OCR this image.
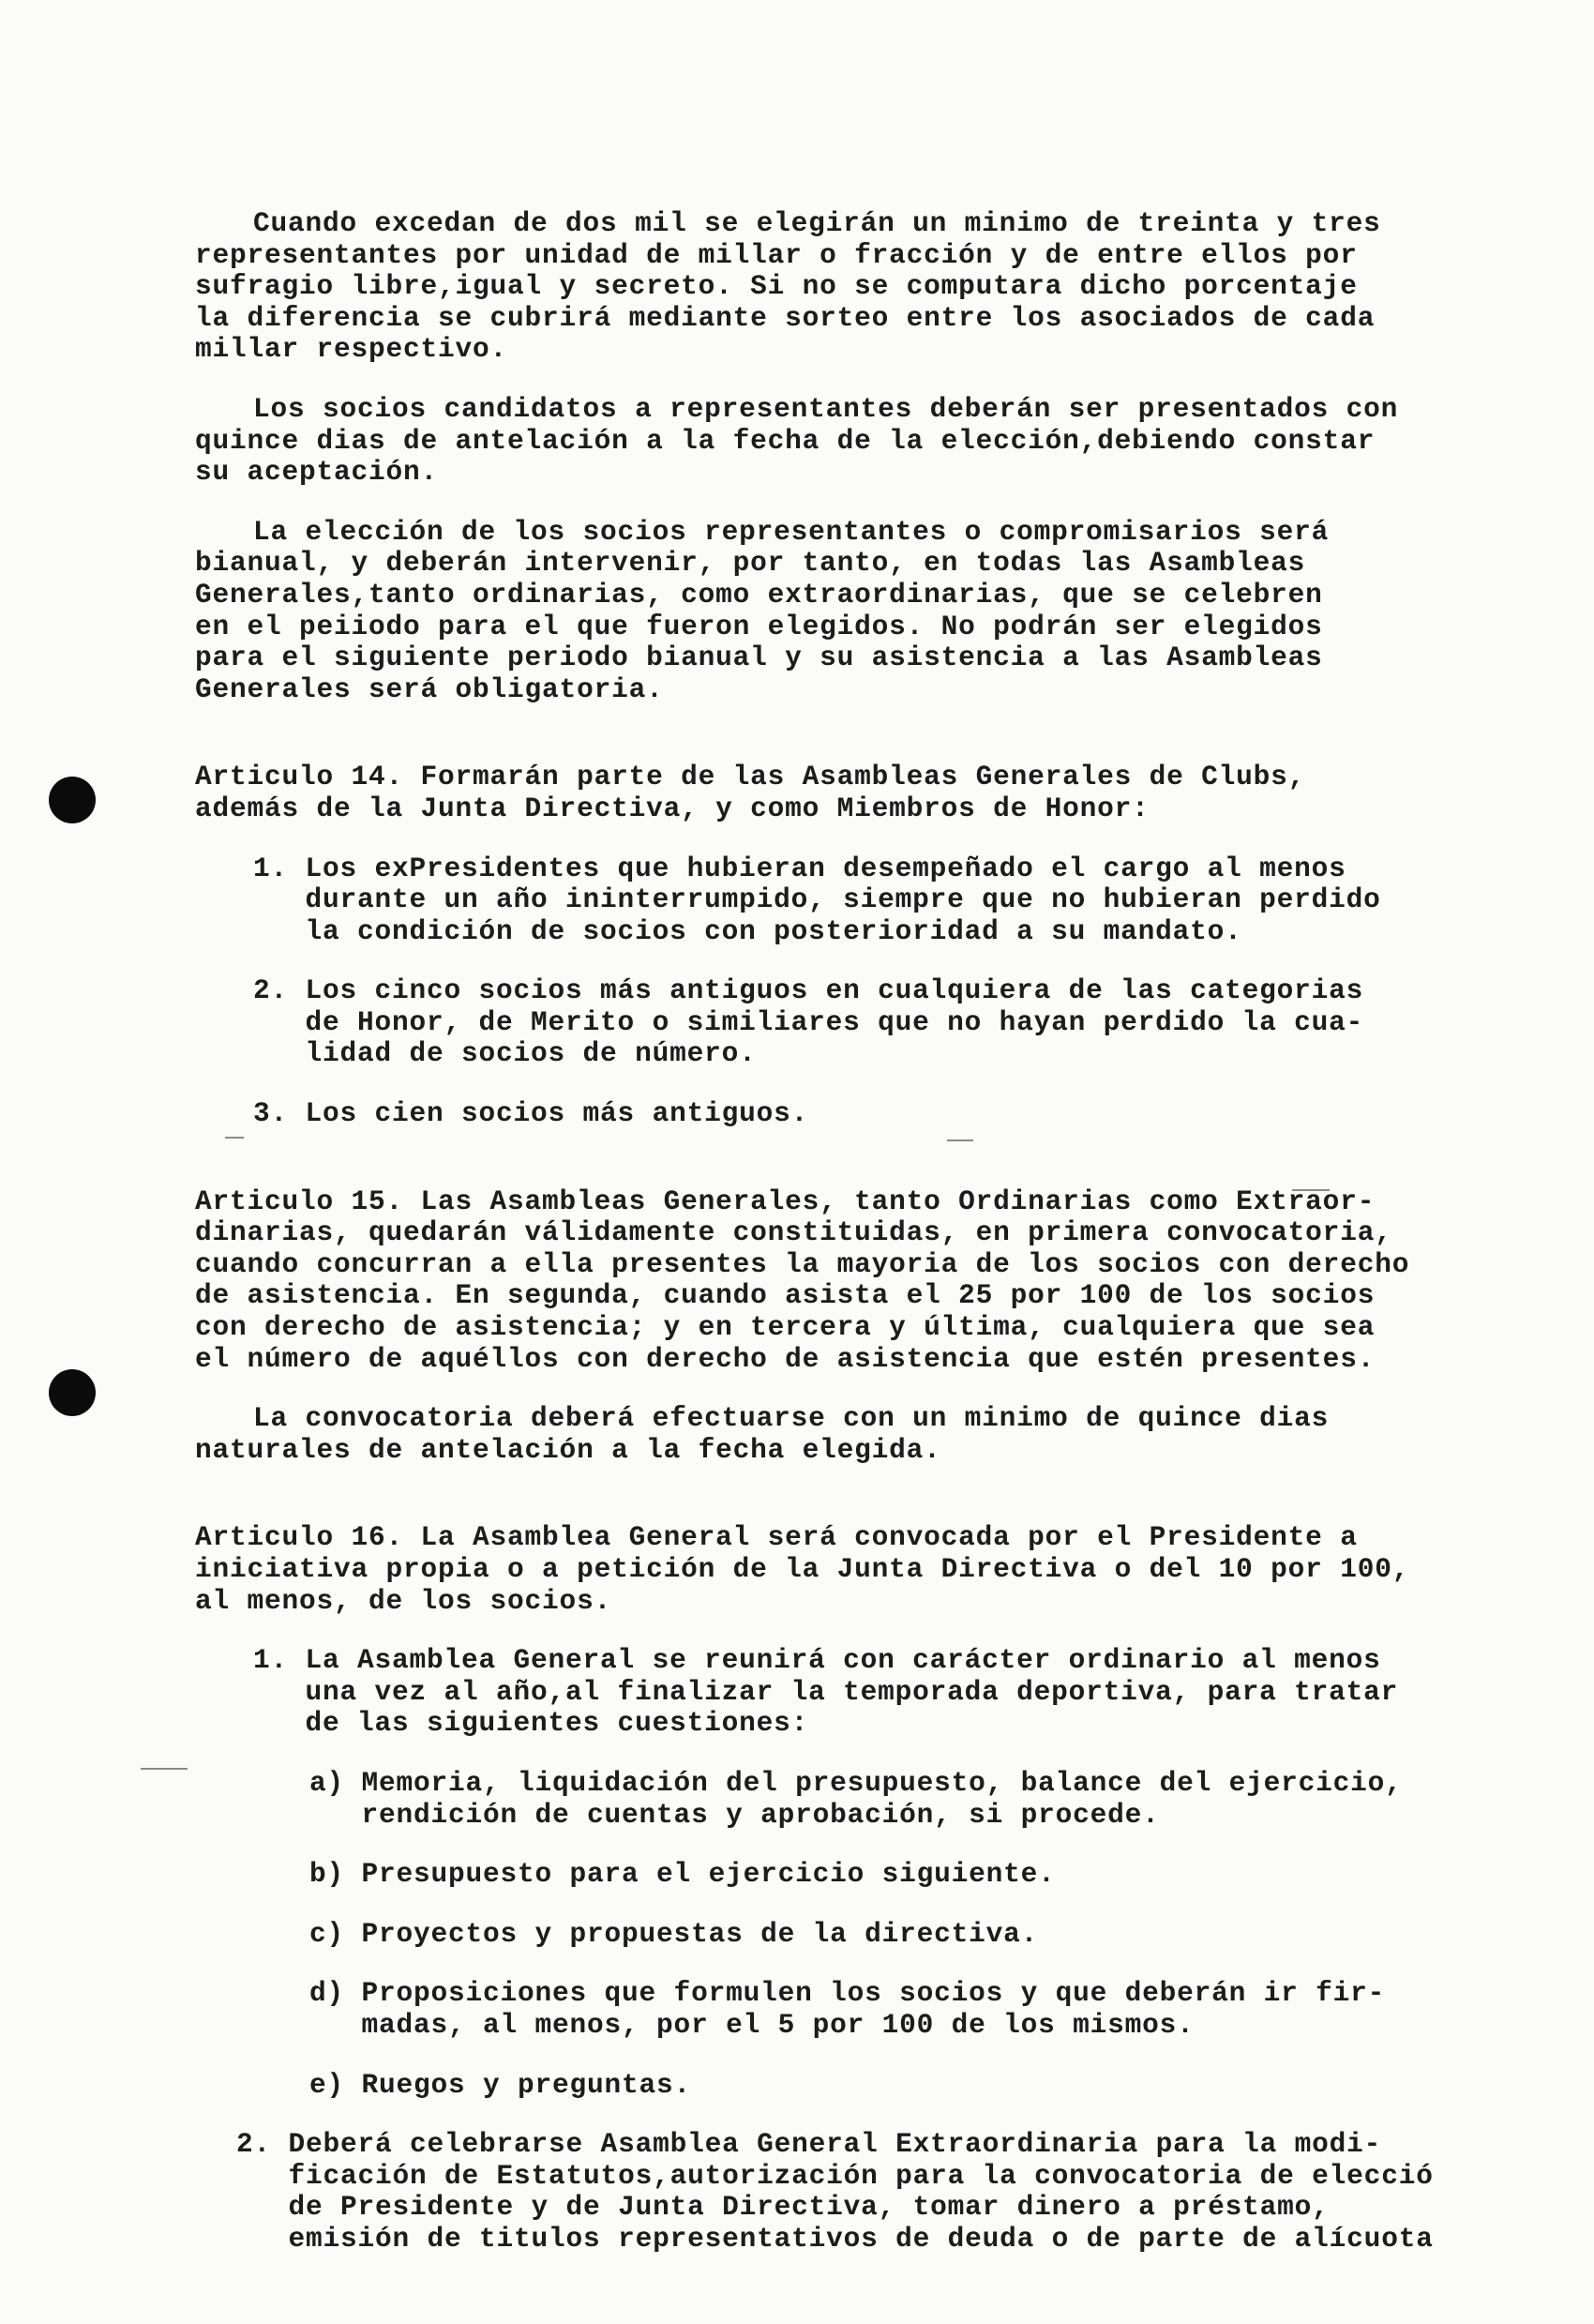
Cuando excedan de dos mil se elegirán un minimo de treinta y tres

representantes por unidad de millar o fracción y de entre ellos por

sufragio libre,igual y secreto. Si no se computara dicho porcentaje

la diferencia se cubrirá mediante sorteo entre los asociados de cada

millar respectivo.

Los socios candidatos a representantes deberán ser presentados con

quince dias de antelación a la fecha de la elección,debiendo constar

su aceptación.

La elección de los socios representantes o compromisarios será

bianual, y deberán intervenir, por tanto, en todas las Asambleas

Generales,tanto ordinarias, como extraordinarias, que se celebren

en el peiiodo para el que fueron elegidos. No podrán ser elegidos

para el siguiente periodo bianual y su asistencia a las Asambleas

Generales será obligatoria.

Articulo 14. Formarán parte de las Asambleas Generales de Clubs,

además de la Junta Directiva, y como Miembros de Honor:

1. Los exPresidentes que hubieran desempeñado el cargo al menos

durante un año ininterrumpido, siempre que no hubieran perdido

la condición de socios con posterioridad a su mandato.

2. Los cinco socios más antiguos en cualquiera de las categorias

de Honor, de Merito o similiares que no hayan perdido la cua-

lidad de socios de número.

3. Los cien socios más antiguos.

Articulo 15. Las Asambleas Generales, tanto Ordinarias como Extraor-

dinarias, quedarán válidamente constituidas, en primera convocatoria,

cuando concurran a ella presentes la mayoria de los socios con derecho

de asistencia. En segunda, cuando asista el 25 por 100 de los socios

con derecho de asistencia; y en tercera y última, cualquiera que sea

el número de aquéllos con derecho de asistencia que estén presentes.

La convocatoria deberá efectuarse con un minimo de quince dias

naturales de antelación a la fecha elegida.

Articulo 16. La Asamblea General será convocada por el Presidente a

iniciativa propia o a petición de la Junta Directiva o del 10 por 100,

al menos, de los socios.

1. La Asamblea General se reunirá con carácter ordinario al menos

una vez al año,al finalizar la temporada deportiva, para tratar

de las siguientes cuestiones:

a) Memoria, liquidación del presupuesto, balance del ejercicio,

rendición de cuentas y aprobación, si procede.

b) Presupuesto para el ejercicio siguiente.

c) Proyectos y propuestas de la directiva.

d) Proposiciones que formulen los socios y que deberán ir fir-

madas, al menos, por el 5 por 100 de los mismos.

e) Ruegos y preguntas.

2. Deberá celebrarse Asamblea General Extraordinaria para la modi-

ficación de Estatutos,autorización para la convocatoria de elecció

de Presidente y de Junta Directiva, tomar dinero a préstamo,

emisión de titulos representativos de deuda o de parte de alícuota
